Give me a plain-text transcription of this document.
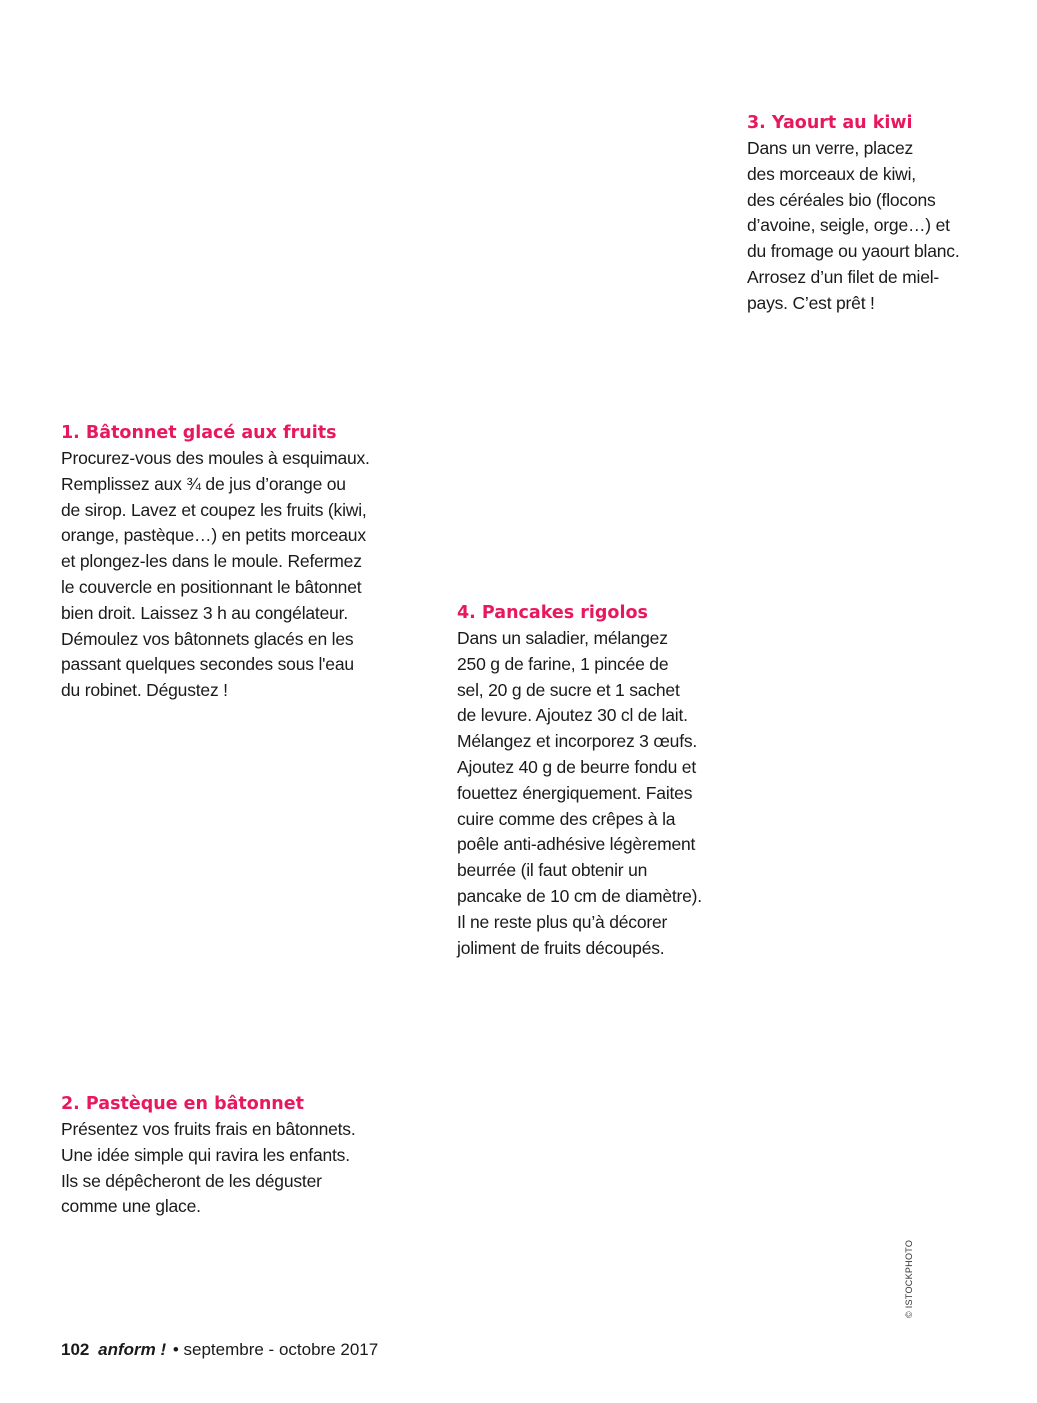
1. Bâtonnet glacé aux fruits

Procurez-vous des moules à esquimaux.
Remplissez aux ¾ de jus d’orange ou
de sirop. Lavez et coupez les fruits (kiwi,
orange, pastèque…) en petits morceaux
et plongez-les dans le moule. Refermez
le couvercle en positionnant le bâtonnet
bien droit. Laissez 3 h au congélateur.
Démoulez vos bâtonnets glacés en les
passant quelques secondes sous l'eau
du robinet. Dégustez !

2. Pastèque en bâtonnet

Présentez vos fruits frais en bâtonnets.
Une idée simple qui ravira les enfants.
Ils se dépêcheront de les déguster
comme une glace.

3. Yaourt au kiwi

Dans un verre, placez
des morceaux de kiwi,
des céréales bio (flocons
d’avoine, seigle, orge…) et
du fromage ou yaourt blanc.
Arrosez d’un filet de miel-
pays. C’est prêt !

4. Pancakes rigolos

Dans un saladier, mélangez
250 g de farine, 1 pincée de
sel, 20 g de sucre et 1 sachet
de levure. Ajoutez 30 cl de lait.
Mélangez et incorporez 3 œufs.
Ajoutez 40 g de beurre fondu et
fouettez énergiquement. Faites
cuire comme des crêpes à la
poêle anti-adhésive légèrement
beurrée (il faut obtenir un
pancake de 10 cm de diamètre).
Il ne reste plus qu’à décorer
joliment de fruits découpés.

© ISTOCKPHOTO
102 anform ! • septembre - octobre 2017
